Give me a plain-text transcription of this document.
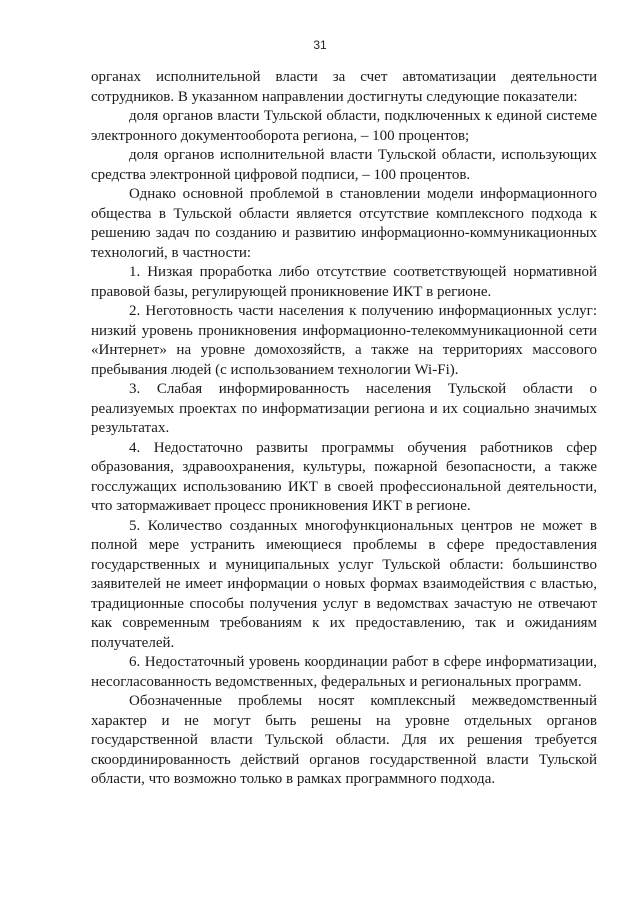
31

органах исполнительной власти за счет автоматизации деятельности сотрудников. В указанном направлении достигнуты следующие показатели:

доля органов власти Тульской области, подключенных к единой системе электронного документооборота региона, – 100 процентов;

доля органов исполнительной власти Тульской области, использующих средства электронной цифровой подписи, – 100 процентов.

Однако основной проблемой в становлении модели информационного общества в Тульской области является отсутствие комплексного подхода к решению задач по созданию и развитию информационно-коммуникационных технологий, в частности:

1. Низкая проработка либо отсутствие соответствующей нормативной правовой базы, регулирующей проникновение ИКТ в регионе.

2. Неготовность части населения к получению информационных услуг: низкий уровень проникновения информационно-телекоммуникационной сети «Интернет» на уровне домохозяйств, а также на территориях массового пребывания людей (с использованием технологии Wi-Fi).

3. Слабая информированность населения Тульской области о реализуемых проектах по информатизации региона и их социально значимых результатах.

4. Недостаточно развиты программы обучения работников сфер образования, здравоохранения, культуры, пожарной безопасности, а также госслужащих использованию ИКТ в своей профессиональной деятельности, что затормаживает процесс проникновения ИКТ в регионе.

5. Количество созданных многофункциональных центров не может в полной мере устранить имеющиеся проблемы в сфере предоставления государственных и муниципальных услуг Тульской области: большинство заявителей не имеет информации о новых формах взаимодействия с властью, традиционные способы получения услуг в ведомствах зачастую не отвечают как современным требованиям к их предоставлению, так и ожиданиям получателей.

6. Недостаточный уровень координации работ в сфере информатизации, несогласованность ведомственных, федеральных и региональных программ.

Обозначенные проблемы носят комплексный межведомственный характер и не могут быть решены на уровне отдельных органов государственной власти Тульской области. Для их решения требуется скоординированность действий органов государственной власти Тульской области, что возможно только в рамках программного подхода.
